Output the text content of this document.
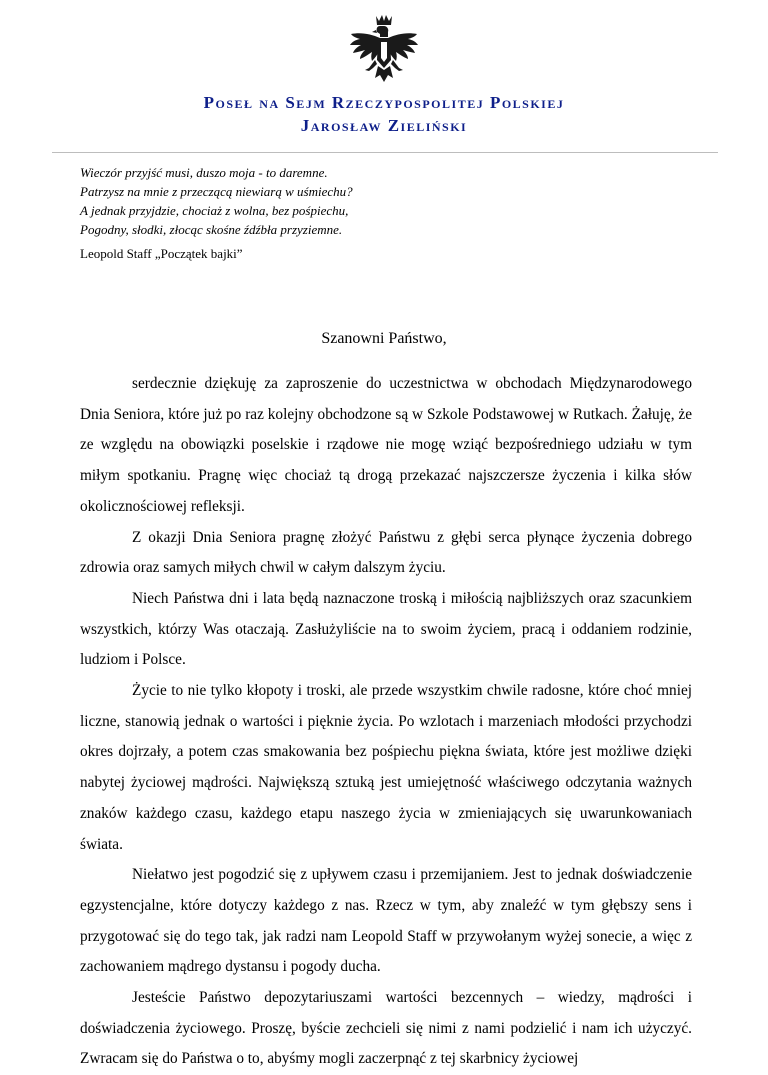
Poseł na Sejm Rzeczypospolitej Polskiej
Jarosław Zieliński
Wieczór przyjść musi, duszo moja - to daremne.
Patrzysz na mnie z przeczącą niewiarą w uśmiechu?
A jednak przyjdzie, chociaż z wolna, bez pośpiechu,
Pogodny, słodki, złocąc skośne źdźbła przyziemne.
Leopold Staff „Początek bajki”
Szanowni Państwo,

serdecznie dziękuję za zaproszenie do uczestnictwa w obchodach Międzynarodowego Dnia Seniora, które już po raz kolejny obchodzone są w Szkole Podstawowej w Rutkach. Żałuję, że ze względu na obowiązki poselskie i rządowe nie mogę wziąć bezpośredniego udziału w tym miłym spotkaniu. Pragnę więc chociaż tą drogą przekazać najszczersze życzenia i kilka słów okolicznościowej refleksji.

Z okazji Dnia Seniora pragnę złożyć Państwu z głębi serca płynące życzenia dobrego zdrowia oraz samych miłych chwil w całym dalszym życiu.

Niech Państwa dni i lata będą naznaczone troską i miłością najbliższych oraz szacunkiem wszystkich, którzy Was otaczają. Zasłużyliście na to swoim życiem, pracą i oddaniem rodzinie, ludziom i Polsce.

Życie to nie tylko kłopoty i troski, ale przede wszystkim chwile radosne, które choć mniej liczne, stanowią jednak o wartości i pięknie życia. Po wzlotach i marzeniach młodości przychodzi okres dojrzały, a potem czas smakowania bez pośpiechu piękna świata, które jest możliwe dzięki nabytej życiowej mądrości. Największą sztuką jest umiejętność właściwego odczytania ważnych znaków każdego czasu, każdego etapu naszego życia w zmieniających się uwarunkowaniach świata.

Niełatwo jest pogodzić się z upływem czasu i przemijaniem. Jest to jednak doświadczenie egzystencjalne, które dotyczy każdego z nas. Rzecz w tym, aby znaleźć w tym głębszy sens i przygotować się do tego tak, jak radzi nam Leopold Staff w przywołanym wyżej sonecie, a więc z zachowaniem mądrego dystansu i pogody ducha.

Jesteście Państwo depozytariuszami wartości bezcennych – wiedzy, mądrości i doświadczenia życiowego. Proszę, byście zechcieli się nimi z nami podzielić i nam ich użyczyć. Zwracam się do Państwa o to, abyśmy mogli zaczerpnąć z tej skarbnicy życiowej
